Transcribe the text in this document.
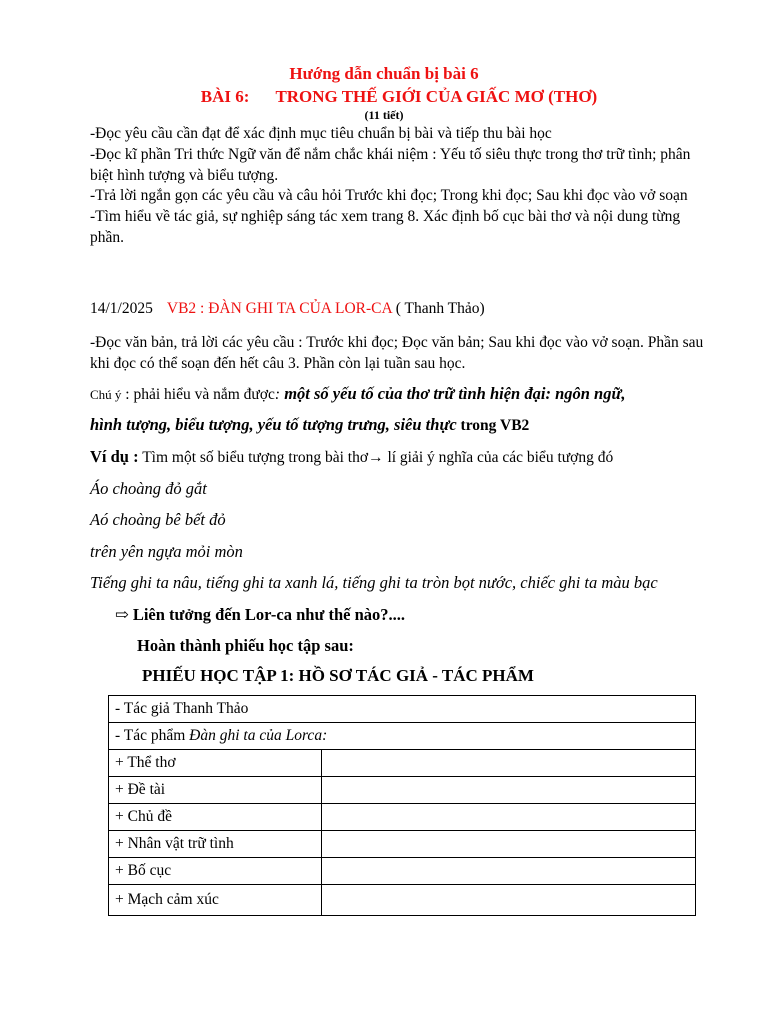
Hướng dẫn chuẩn bị bài 6
BÀI 6: TRONG THẾ GIỚI CỦA GIẤC MƠ (THƠ)
(11 tiết)

-Đọc yêu cầu cần đạt để xác định mục tiêu chuẩn bị bài và tiếp thu bài học

-Đọc kĩ phần Tri thức Ngữ văn để nắm chắc khái niệm : Yếu tố siêu thực trong thơ trữ tình; phân biệt hình tượng và biểu tượng.

-Trả lời ngắn gọn các yêu cầu và câu hỏi Trước khi đọc; Trong khi đọc; Sau khi đọc vào vở soạn

-Tìm hiểu về tác giả, sự nghiệp sáng tác xem trang 8. Xác định bố cục bài thơ và nội dung từng phần.

14/1/2025 VB2 : ĐÀN GHI TA CỦA LOR-CA ( Thanh Thảo)
-Đọc văn bản, trả lời các yêu cầu : Trước khi đọc; Đọc văn bản; Sau khi đọc vào vở soạn. Phần sau khi đọc có thể soạn đến hết câu 3. Phần còn lại tuần sau học.
Chú ý : phải hiểu và nắm được: một số yếu tố của thơ trữ tình hiện đại: ngôn ngữ,
hình tượng, biểu tượng, yếu tố tượng trưng, siêu thực trong VB2
Ví dụ : Tìm một số biểu tượng trong bài thơ→ lí giải ý nghĩa của các biểu tượng đó
Áo choàng đỏ gắt
Aó choàng bê bết đỏ
trên yên ngựa mỏi mòn
Tiếng ghi ta nâu, tiếng ghi ta xanh lá, tiếng ghi ta tròn bọt nước, chiếc ghi ta màu bạc
⇨ Liên tưởng đến Lor-ca như thế nào?....
Hoàn thành phiếu học tập sau:
PHIẾU HỌC TẬP 1: HỒ SƠ TÁC GIẢ - TÁC PHẨM
- Tác giả Thanh Thảo	
- Tác phẩm Đàn ghi ta của Lorca:	
+ Thể thơ	
+ Đề tài	
+ Chủ đề	
+ Nhân vật trữ tình	
+ Bố cục	
+ Mạch cảm xúc	
